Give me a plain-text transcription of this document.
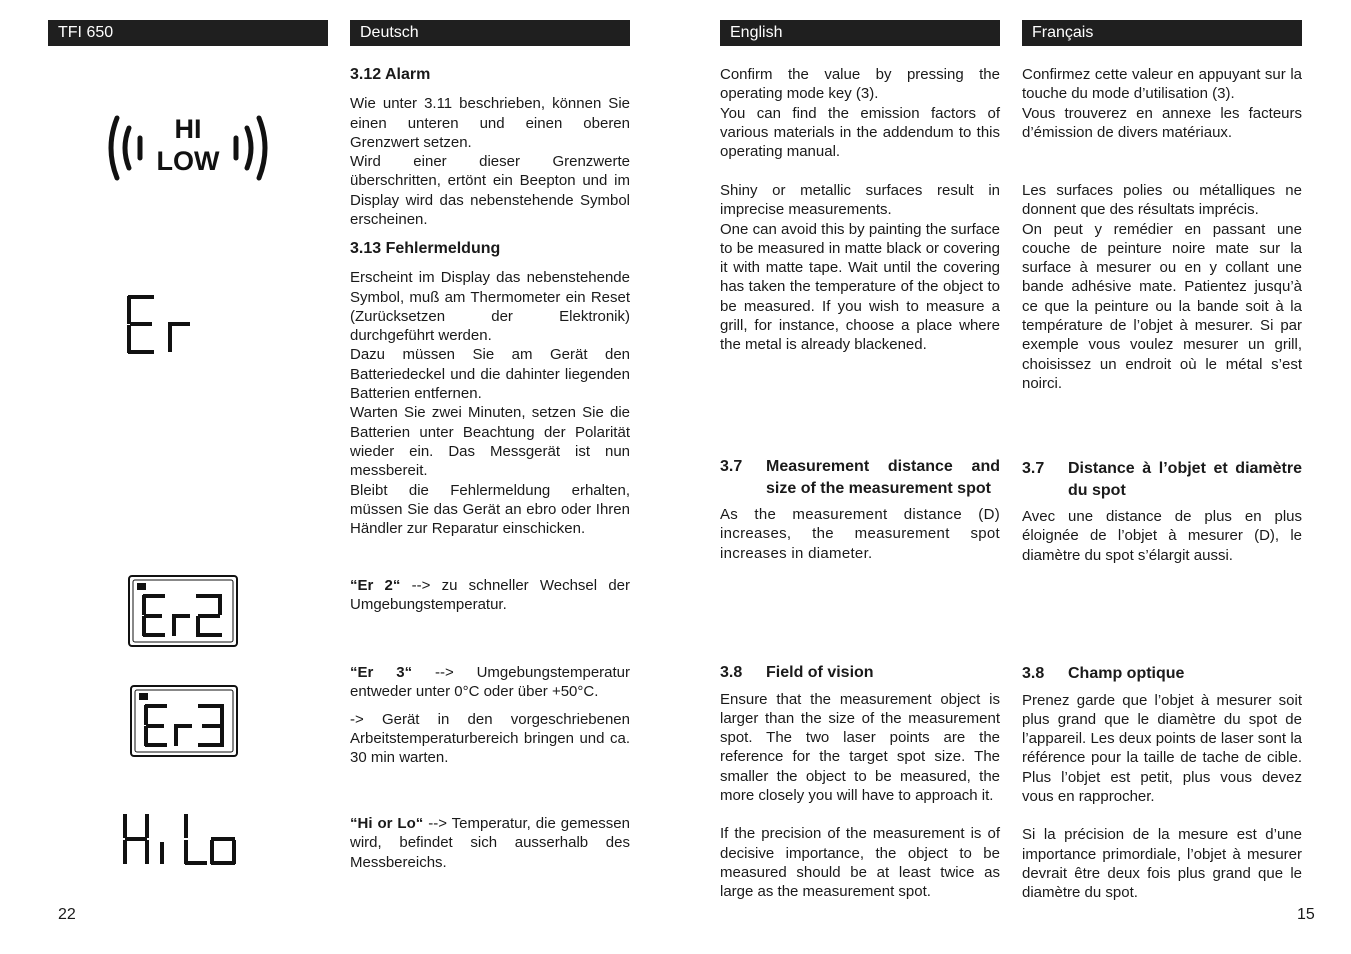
TFI 650	Deutsch	English	Français
HI
LOW

3.12 Alarm

Wie unter 3.11 beschrieben, können Sie einen unteren und einen oberen Grenzwert setzen.

Wird einer dieser Grenzwerte überschritten, ertönt ein Beepton und im Display wird das nebenstehende Symbol erscheinen.

3.13 Fehlermeldung

Erscheint im Display das nebenstehende Symbol, muß am Thermometer ein Reset (Zurücksetzen der Elektronik) durchgeführt werden.

Dazu müssen Sie am Gerät den Batteriedeckel und die dahinter liegenden Batterien entfernen.

Warten Sie zwei Minuten, setzen Sie die Batterien unter Beachtung der Polarität wieder ein. Das Messgerät ist nun messbereit.

Bleibt die Fehlermeldung erhalten, müssen Sie das Gerät an ebro oder Ihren Händler zur Reparatur einschicken.

“Er 2“ --> zu schneller Wechsel der Umgebungstemperatur.

“Er 3“ --> Umgebungstemperatur entweder unter 0°C oder über +50°C.

-> Gerät in den vorgeschriebenen Arbeitstemperaturbereich bringen und ca. 30 min warten.

“Hi or Lo“ --> Temperatur, die gemessen wird, befindet sich ausserhalb des Messbereichs.

Confirm the value by pressing the operating mode key (3).

You can find the emission factors of various materials in the addendum to this operating manual.

Shiny or metallic surfaces result in imprecise measurements.

One can avoid this by painting the surface to be measured in matte black or covering it with matte tape. Wait until the covering has taken the temperature of the object to be measured. If you wish to measure a grill, for instance, choose a place where the metal is already blackened.

3.7	Measurement distance and size of the measurement spot

As the measurement distance (D) increases, the measurement spot increases in diameter.

3.8	Field of vision

Ensure that the measurement object is larger than the size of the measurement spot. The two laser points are the reference for the target spot size. The smaller the object to be measured, the more closely you will have to approach it.

If the precision of the measurement is of decisive importance, the object to be measured should be at least twice as large as the measurement spot.

Confirmez cette valeur en appuyant sur la touche du mode d’utilisation (3).

Vous trouverez en annexe les facteurs d’émission de divers matériaux.

Les surfaces polies ou métalliques ne donnent que des résultats imprécis.

On peut y remédier en passant une couche de peinture noire mate sur la surface à mesurer ou en y collant une bande adhésive mate. Patientez jusqu’à ce que la peinture ou la bande soit à la température de l’objet à mesurer. Si par exemple vous voulez mesurer un grill, choisissez un endroit où le métal s’est noirci.

3.7	Distance à l’objet et diamètre du spot

Avec une distance de plus en plus éloignée de l’objet à mesurer (D), le diamètre du spot s’élargit aussi.

3.8	Champ optique

Prenez garde que l’objet à mesurer soit plus grand que le diamètre du spot de l’appareil. Les deux points de laser sont la référence pour la taille de tache de cible. Plus l’objet est petit, plus vous devez vous en rapprocher.

Si la précision de la mesure est d’une importance primordiale, l’objet à mesurer devrait être deux fois plus grand que le diamètre du spot.

22	15
